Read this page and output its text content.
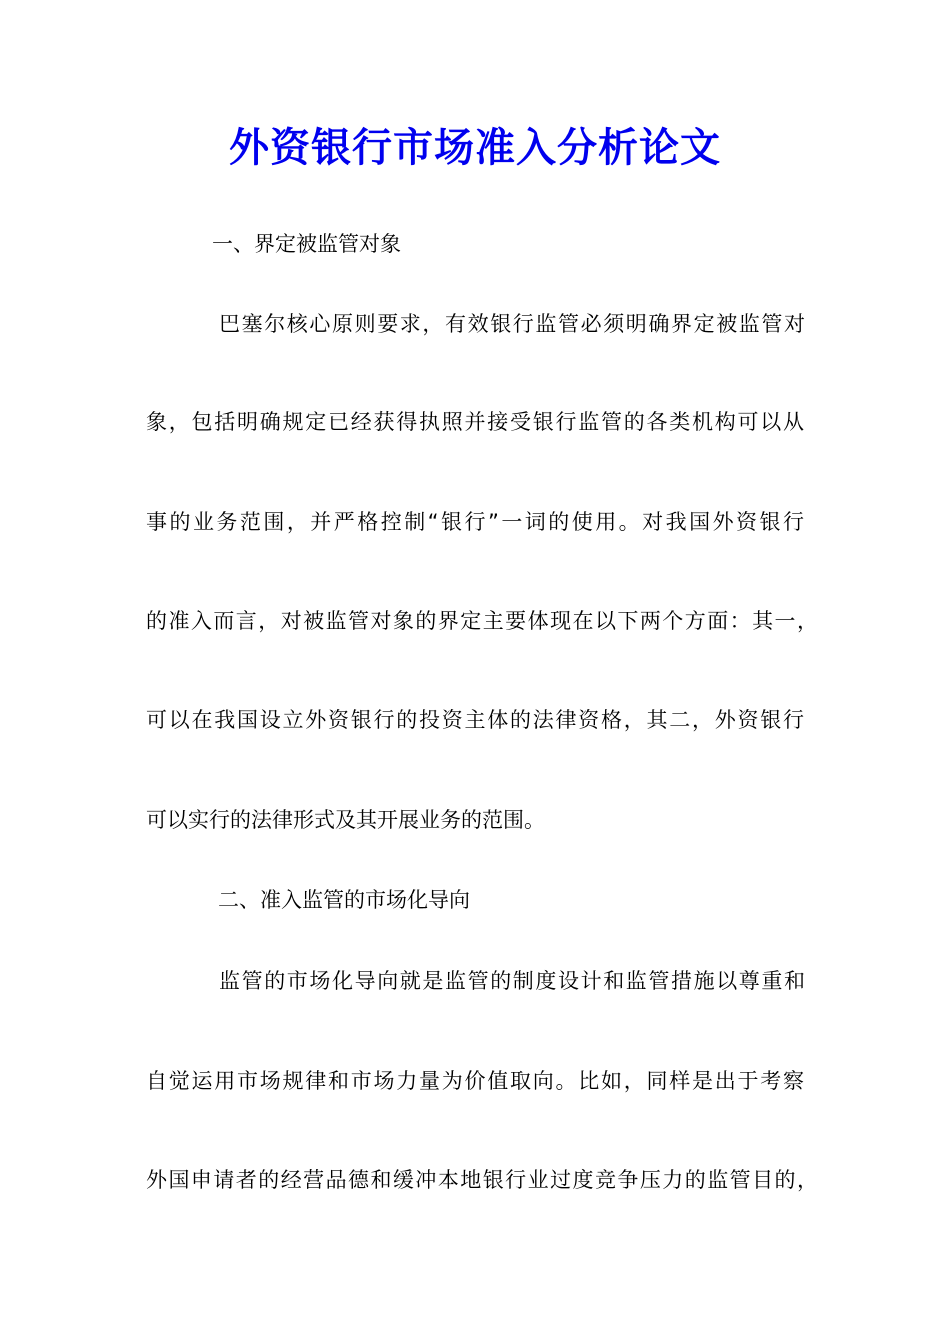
外资银行市场准入分析论文

一、界定被监管对象

巴塞尔核心原则要求，有效银行监管必须明确界定被监管对

象，包括明确规定已经获得执照并接受银行监管的各类机构可以从

事的业务范围，并严格控制“银行”一词的使用。对我国外资银行

的准入而言，对被监管对象的界定主要体现在以下两个方面：其一，

可以在我国设立外资银行的投资主体的法律资格，其二，外资银行

可以实行的法律形式及其开展业务的范围。

二、准入监管的市场化导向

监管的市场化导向就是监管的制度设计和监管措施以尊重和

自觉运用市场规律和市场力量为价值取向。比如，同样是出于考察

外国申请者的经营品德和缓冲本地银行业过度竞争压力的监管目的，
